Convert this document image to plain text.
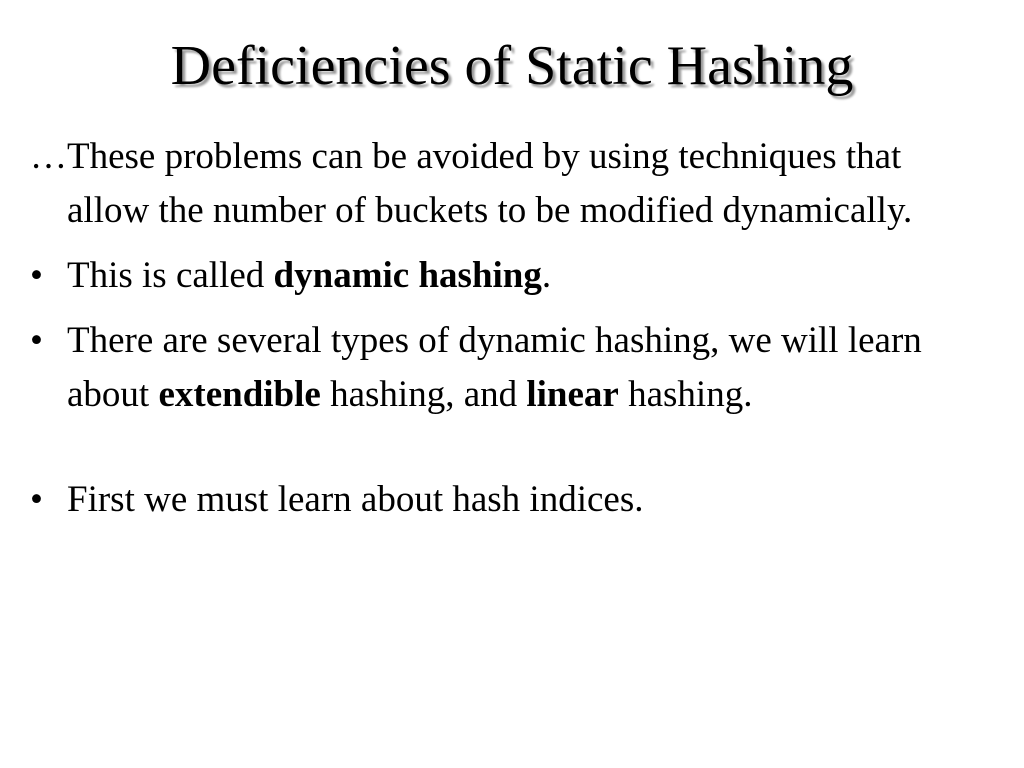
Deficiencies of Static Hashing

…These problems can be avoided by using techniques that allow the number of buckets to be modified dynamically.

• This is called dynamic hashing.
• There are several types of dynamic hashing, we will learn about extendible hashing, and linear hashing.
• First we must learn about hash indices.
